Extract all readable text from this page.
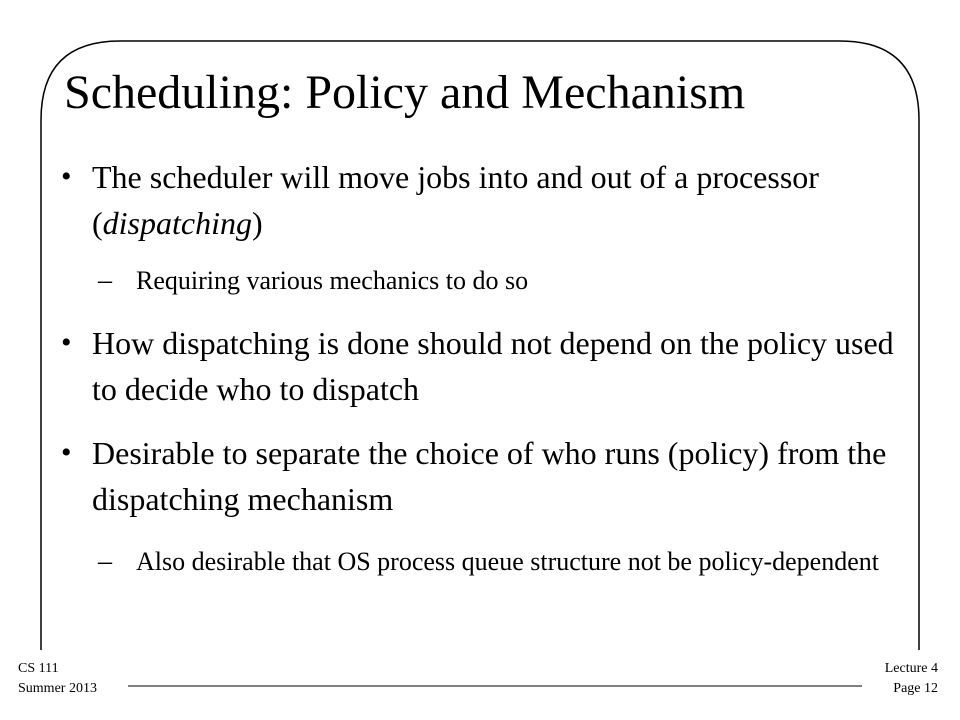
Scheduling: Policy and Mechanism
• The scheduler will move jobs into and out of a processor (dispatching)
– Requiring various mechanics to do so
• How dispatching is done should not depend on the policy used to decide who to dispatch
• Desirable to separate the choice of who runs (policy) from the dispatching mechanism
– Also desirable that OS process queue structure not be policy-dependent
CS 111
Summer 2013
Lecture 4
Page 12
